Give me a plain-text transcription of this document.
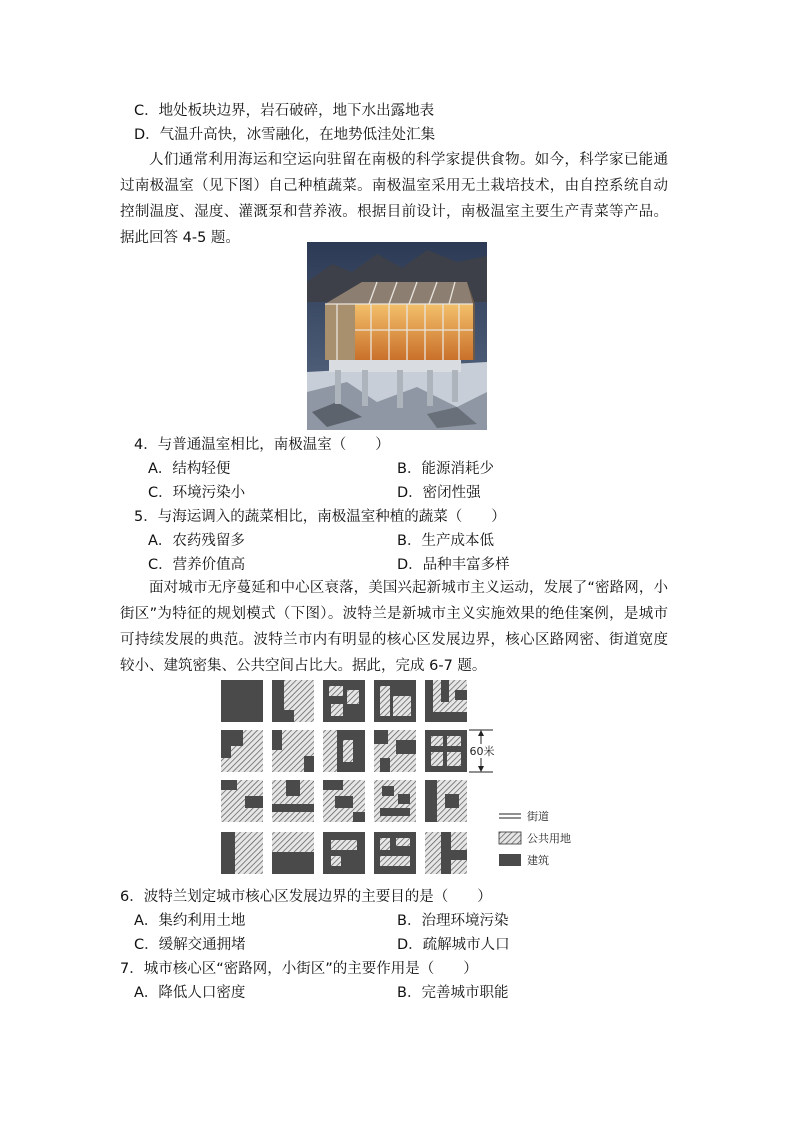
C．地处板块边界，岩石破碎，地下水出露地表
D．气温升高快，冰雪融化，在地势低洼处汇集
人们通常利用海运和空运向驻留在南极的科学家提供食物。如今，科学家已能通过南极温室（见下图）自己种植蔬菜。南极温室采用无土栽培技术，由自控系统自动控制温度、湿度、灌溉泵和营养液。根据目前设计，南极温室主要生产青菜等产品。据此回答 4-5 题。
4．与普通温室相比，南极温室（　　）
A．结构轻便	B．能源消耗少
C．环境污染小	D．密闭性强
5．与海运调入的蔬菜相比，南极温室种植的蔬菜（　　）
A．农药残留多	B．生产成本低
C．营养价值高	D．品种丰富多样
面对城市无序蔓延和中心区衰落，美国兴起新城市主义运动，发展了“密路网，小街区”为特征的规划模式（下图）。波特兰是新城市主义实施效果的绝佳案例，是城市可持续发展的典范。波特兰市内有明显的核心区发展边界，核心区路网密、街道宽度较小、建筑密集、公共空间占比大。据此，完成 6-7 题。
60米
街道
公共用地
建筑
6．波特兰划定城市核心区发展边界的主要目的是（　　）
A．集约利用土地	B．治理环境污染
C．缓解交通拥堵	D．疏解城市人口
7．城市核心区“密路网，小街区”的主要作用是（　　）
A．降低人口密度	B．完善城市职能
